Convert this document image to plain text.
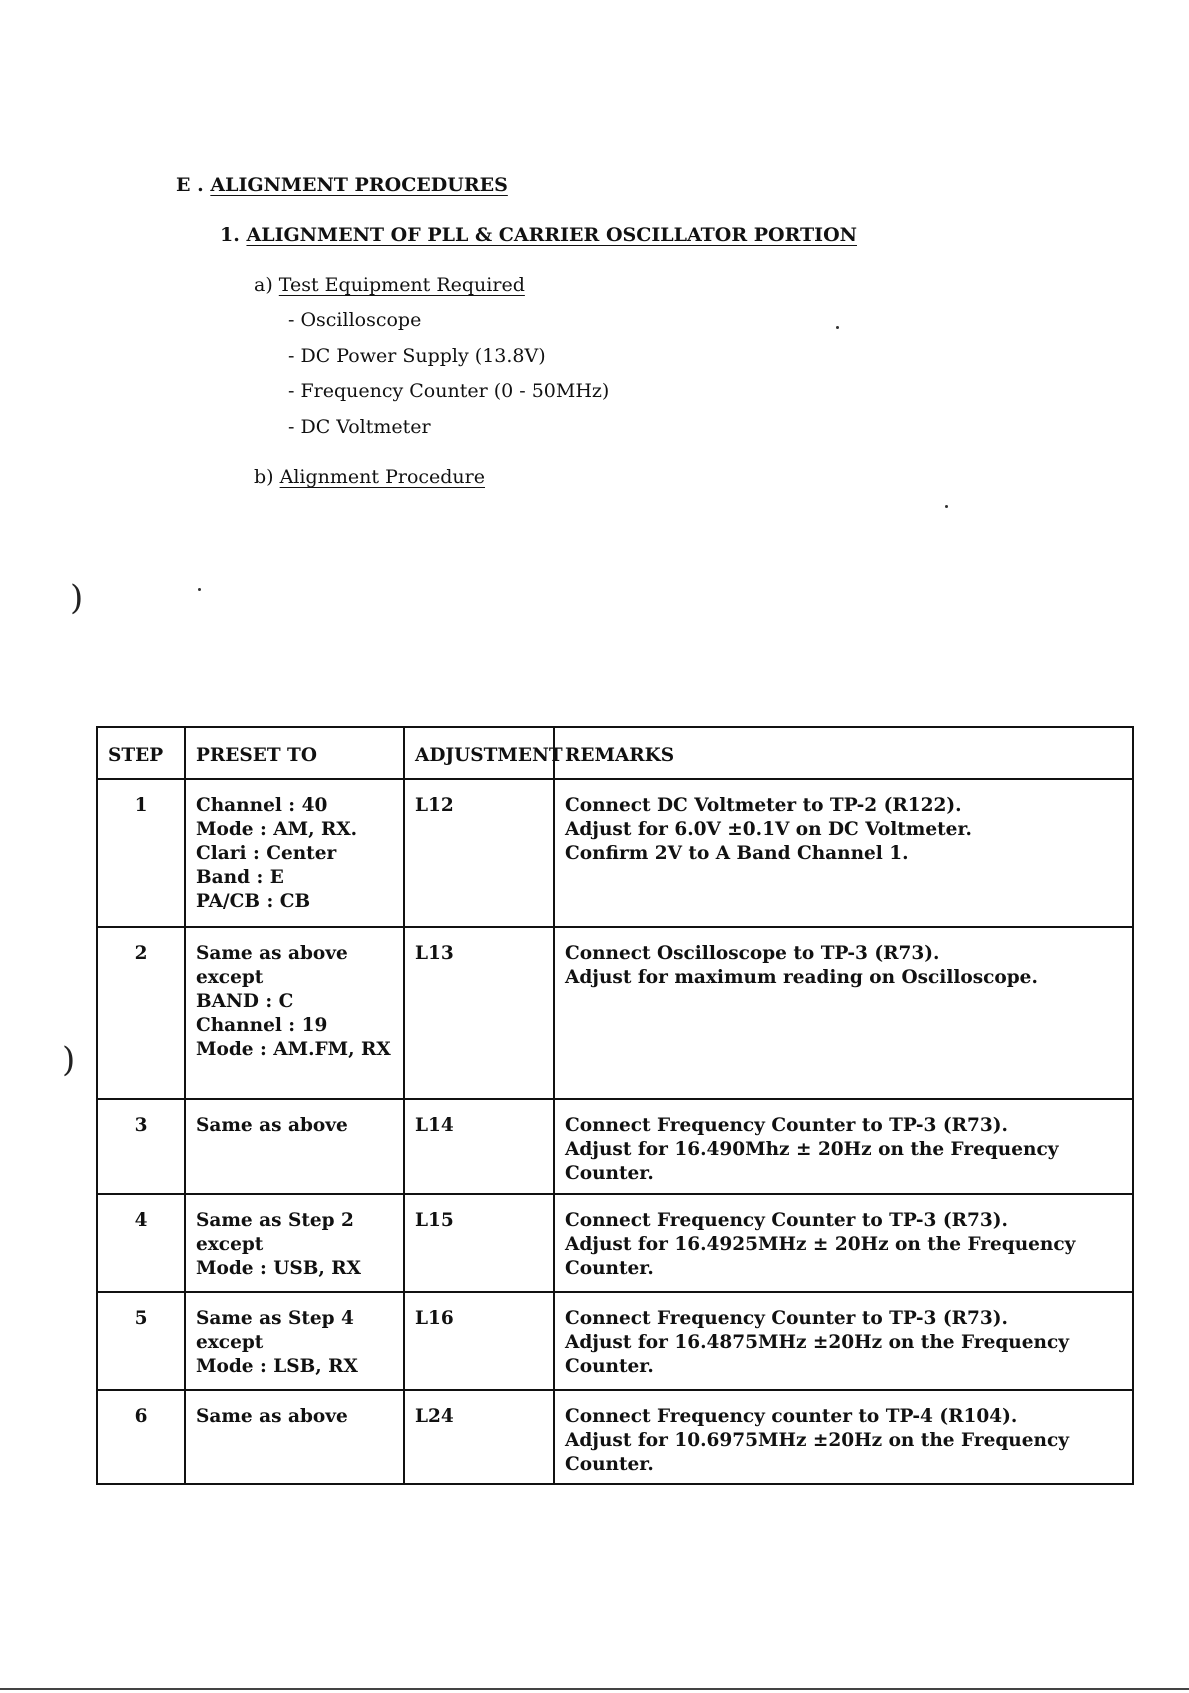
E . ALIGNMENT PROCEDURES
1. ALIGNMENT OF PLL & CARRIER OSCILLATOR PORTION
a) Test Equipment Required
- Oscilloscope
- DC Power Supply (13.8V)
- Frequency Counter (0 - 50MHz)
- DC Voltmeter
b) Alignment Procedure
)
)
STEP	PRESET TO	ADJUSTMENT	REMARKS
1	Channel : 40
Mode : AM, RX.
Clari : Center
Band : E
PA/CB : CB	L12	Connect DC Voltmeter to TP-2 (R122).
Adjust for 6.0V ±0.1V on DC Voltmeter.
Confirm 2V to A Band Channel 1.

2	Same as above
except
BAND : C
Channel : 19
Mode : AM.FM, RX	L13	Connect Oscilloscope to TP-3 (R73).
Adjust for maximum reading on Oscilloscope.

3	Same as above	L14	Connect Frequency Counter to TP-3 (R73).
Adjust for 16.490Mhz ± 20Hz on the Frequency
Counter.

4	Same as Step 2
except
Mode : USB, RX	L15	Connect Frequency Counter to TP-3 (R73).
Adjust for 16.4925MHz ± 20Hz on the Frequency
Counter.

5	Same as Step 4
except
Mode : LSB, RX	L16	Connect Frequency Counter to TP-3 (R73).
Adjust for 16.4875MHz ±20Hz on the Frequency
Counter.

6	Same as above	L24	Connect Frequency counter to TP-4 (R104).
Adjust for 10.6975MHz ±20Hz on the Frequency
Counter.
